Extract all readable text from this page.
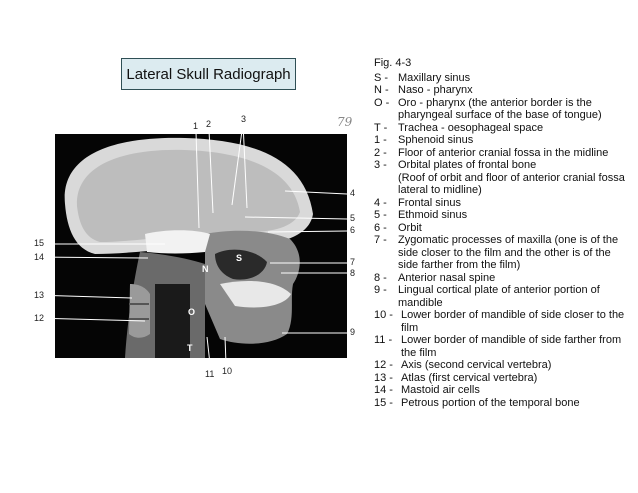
Lateral Skull Radiograph
79
S
N
O
T
1 2	3
4
5
6
7
8
9
10
11
12
13
14
15
Fig. 4-3
S - Maxillary sinus
N - Naso - pharynx
O - Oro - pharynx (the anterior border is the pharyngeal surface of the base of tongue)
T - Trachea - oesophageal space
1 -	Sphenoid sinus
2 -	Floor of anterior cranial fossa in the midline
3 -	Orbital plates of frontal bone
(Roof of orbit and floor of anterior cranial fossa lateral to midline)
4 -	Frontal sinus
5 -	Ethmoid sinus
6 -	Orbit
7 -	Zygomatic processes of maxilla (one is of the side closer to the film and the other is of the side farther from the film)
8 -	Anterior nasal spine
9 -	Lingual cortical plate of anterior portion of mandible
10 - Lower border of mandible of side closer to the film
11 - Lower border of mandible of side farther from the film
12 - Axis (second cervical vertebra)
13 - Atlas (first cervical vertebra)
14 - Mastoid air cells
15 - Petrous portion of the temporal bone
